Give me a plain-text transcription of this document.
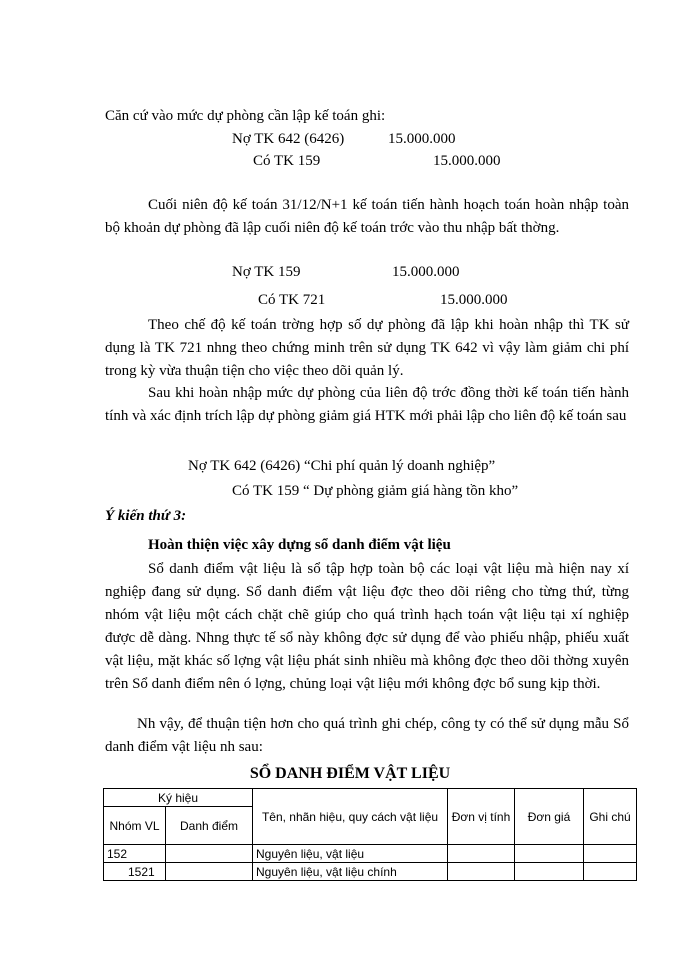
Căn cứ vào mức dự phòng cần lập kế toán ghi:
Nợ TK 642 (6426)	15.000.000
Có TK 159	15.000.000
Cuối niên độ kế toán 31/12/N+1 kế toán tiến hành hoạch toán hoàn nhập toàn bộ khoản dự phòng đã lập cuối niên độ kế toán trớc vào thu nhập bất thờng.
Nợ TK 159	15.000.000
Có TK 721	15.000.000
Theo chế độ kế toán trờng hợp số dự phòng đã lập khi hoàn nhập thì TK sử dụng là TK 721 nhng theo chứng minh trên sử dụng TK 642 vì vậy làm giảm chi phí trong kỳ vừa thuận tiện cho việc theo dõi quản lý.
Sau khi hoàn nhập mức dự phòng của liên độ trớc đồng thời kế toán tiến hành tính và xác định trích lập dự phòng giảm giá HTK mới phải lập cho liên độ kế toán sau
Nợ TK 642 (6426) “Chi phí quản lý doanh nghiệp”
Có TK 159 “ Dự phòng giảm giá hàng tồn kho”
Ý kiến thứ 3:
Hoàn thiện việc xây dựng sổ danh điểm vật liệu
Sổ danh điểm vật liệu là sổ tập hợp toàn bộ các loại vật liệu mà hiện nay xí nghiệp đang sử dụng. Sổ danh điểm vật liệu đợc theo dõi riêng cho từng thứ, từng nhóm vật liệu một cách chặt chẽ giúp cho quá trình hạch toán vật liệu tại xí nghiệp được dễ dàng. Nhng thực tế sổ này không đợc sử dụng để vào phiếu nhập, phiếu xuất vật liệu, mặt khác số lợng vật liệu phát sinh nhiều mà không đợc theo dõi thờng xuyên trên Sổ danh điểm nên ó lợng, chủng loại vật liệu mới không đợc bổ sung kịp thời.
Nh vậy, để thuận tiện hơn cho quá trình ghi chép, công ty có thể sử dụng mẫu Sổ danh điểm vật liệu nh sau:
SỔ DANH ĐIỂM VẬT LIỆU
Ký hiệu		Tên, nhãn hiệu, quy cách vật liệu	Đơn vị tính	Đơn giá	Ghi chú
Nhóm VL	Danh điểm				
152		Nguyên liệu, vật liệu			
1521		Nguyên liệu, vật liệu chính			
